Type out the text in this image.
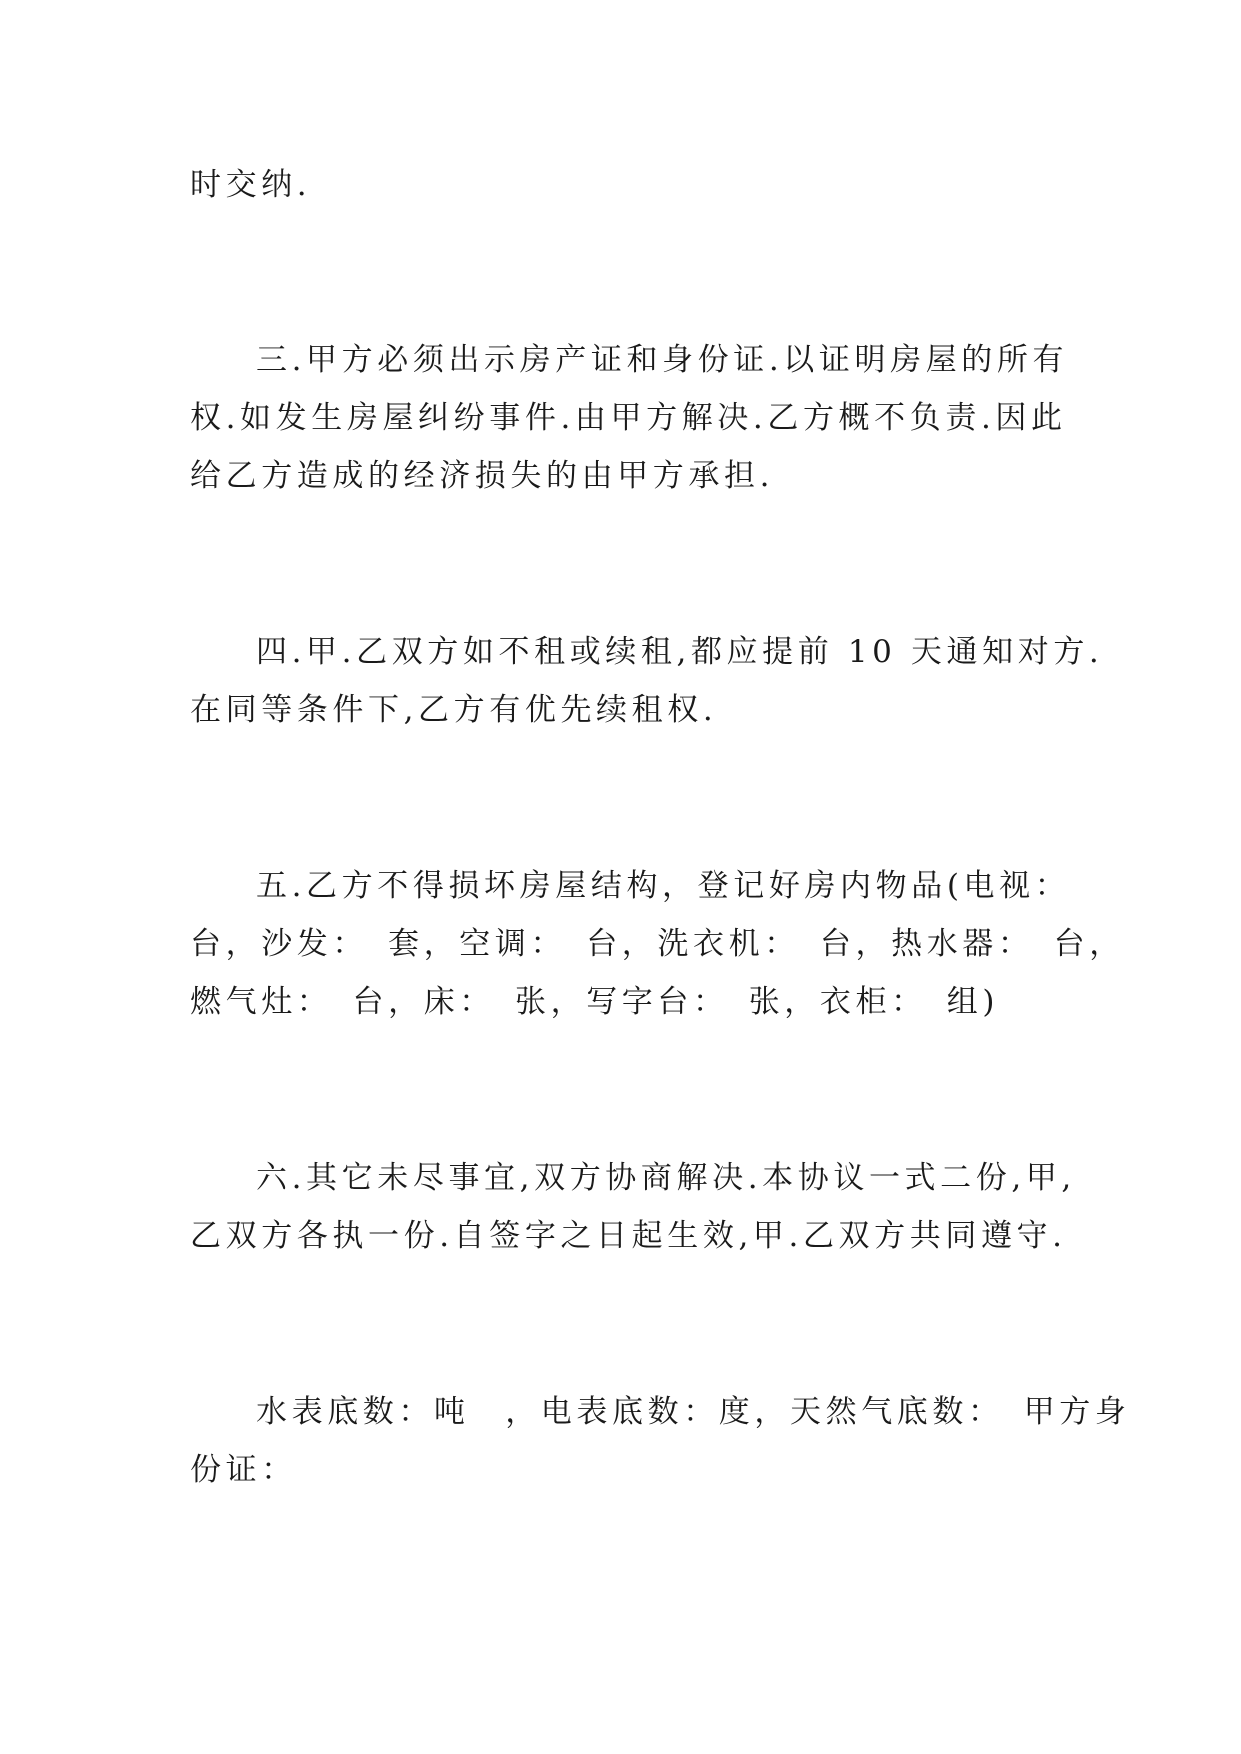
时交纳.
三.甲方必须出示房产证和身份证.以证明房屋的所有
权.如发生房屋纠纷事件.由甲方解决.乙方概不负责.因此
给乙方造成的经济损失的由甲方承担.
四.甲.乙双方如不租或续租,都应提前 10 天通知对方.
在同等条件下,乙方有优先续租权.
五.乙方不得损坏房屋结构，登记好房内物品(电视：
台，沙发：　套，空调：　台，洗衣机：　台，热水器：　台，
燃气灶：　台，床：　张，写字台：　张，衣柜：　组)
六.其它未尽事宜,双方协商解决.本协议一式二份,甲,
乙双方各执一份.自签字之日起生效,甲.乙双方共同遵守.
水表底数：吨　，电表底数：度，天然气底数：　甲方身
份证：
